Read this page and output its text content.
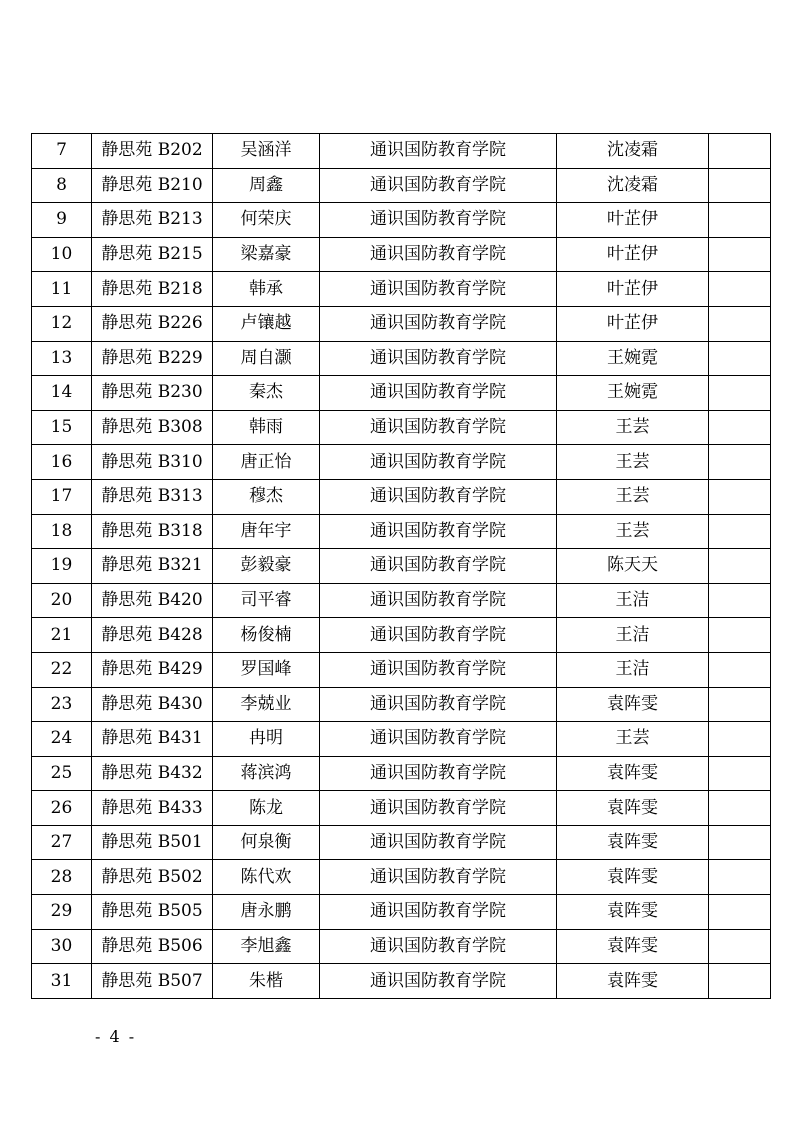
7	静思苑 B202	吴涵洋	通识国防教育学院	沈凌霜	
8	静思苑 B210	周鑫	通识国防教育学院	沈凌霜	
9	静思苑 B213	何荣庆	通识国防教育学院	叶芷伊	
10	静思苑 B215	梁嘉豪	通识国防教育学院	叶芷伊	
11	静思苑 B218	韩承	通识国防教育学院	叶芷伊	
12	静思苑 B226	卢镶越	通识国防教育学院	叶芷伊	
13	静思苑 B229	周自灏	通识国防教育学院	王婉霓	
14	静思苑 B230	秦杰	通识国防教育学院	王婉霓	
15	静思苑 B308	韩雨	通识国防教育学院	王芸	
16	静思苑 B310	唐正怡	通识国防教育学院	王芸	
17	静思苑 B313	穆杰	通识国防教育学院	王芸	
18	静思苑 B318	唐年宇	通识国防教育学院	王芸	
19	静思苑 B321	彭毅豪	通识国防教育学院	陈天天	
20	静思苑 B420	司平睿	通识国防教育学院	王洁	
21	静思苑 B428	杨俊楠	通识国防教育学院	王洁	
22	静思苑 B429	罗国峰	通识国防教育学院	王洁	
23	静思苑 B430	李兢业	通识国防教育学院	袁阵雯	
24	静思苑 B431	冉明	通识国防教育学院	王芸	
25	静思苑 B432	蒋滨鸿	通识国防教育学院	袁阵雯	
26	静思苑 B433	陈龙	通识国防教育学院	袁阵雯	
27	静思苑 B501	何泉衡	通识国防教育学院	袁阵雯	
28	静思苑 B502	陈代欢	通识国防教育学院	袁阵雯	
29	静思苑 B505	唐永鹏	通识国防教育学院	袁阵雯	
30	静思苑 B506	李旭鑫	通识国防教育学院	袁阵雯	
31	静思苑 B507	朱楷	通识国防教育学院	袁阵雯	
- 4 -
